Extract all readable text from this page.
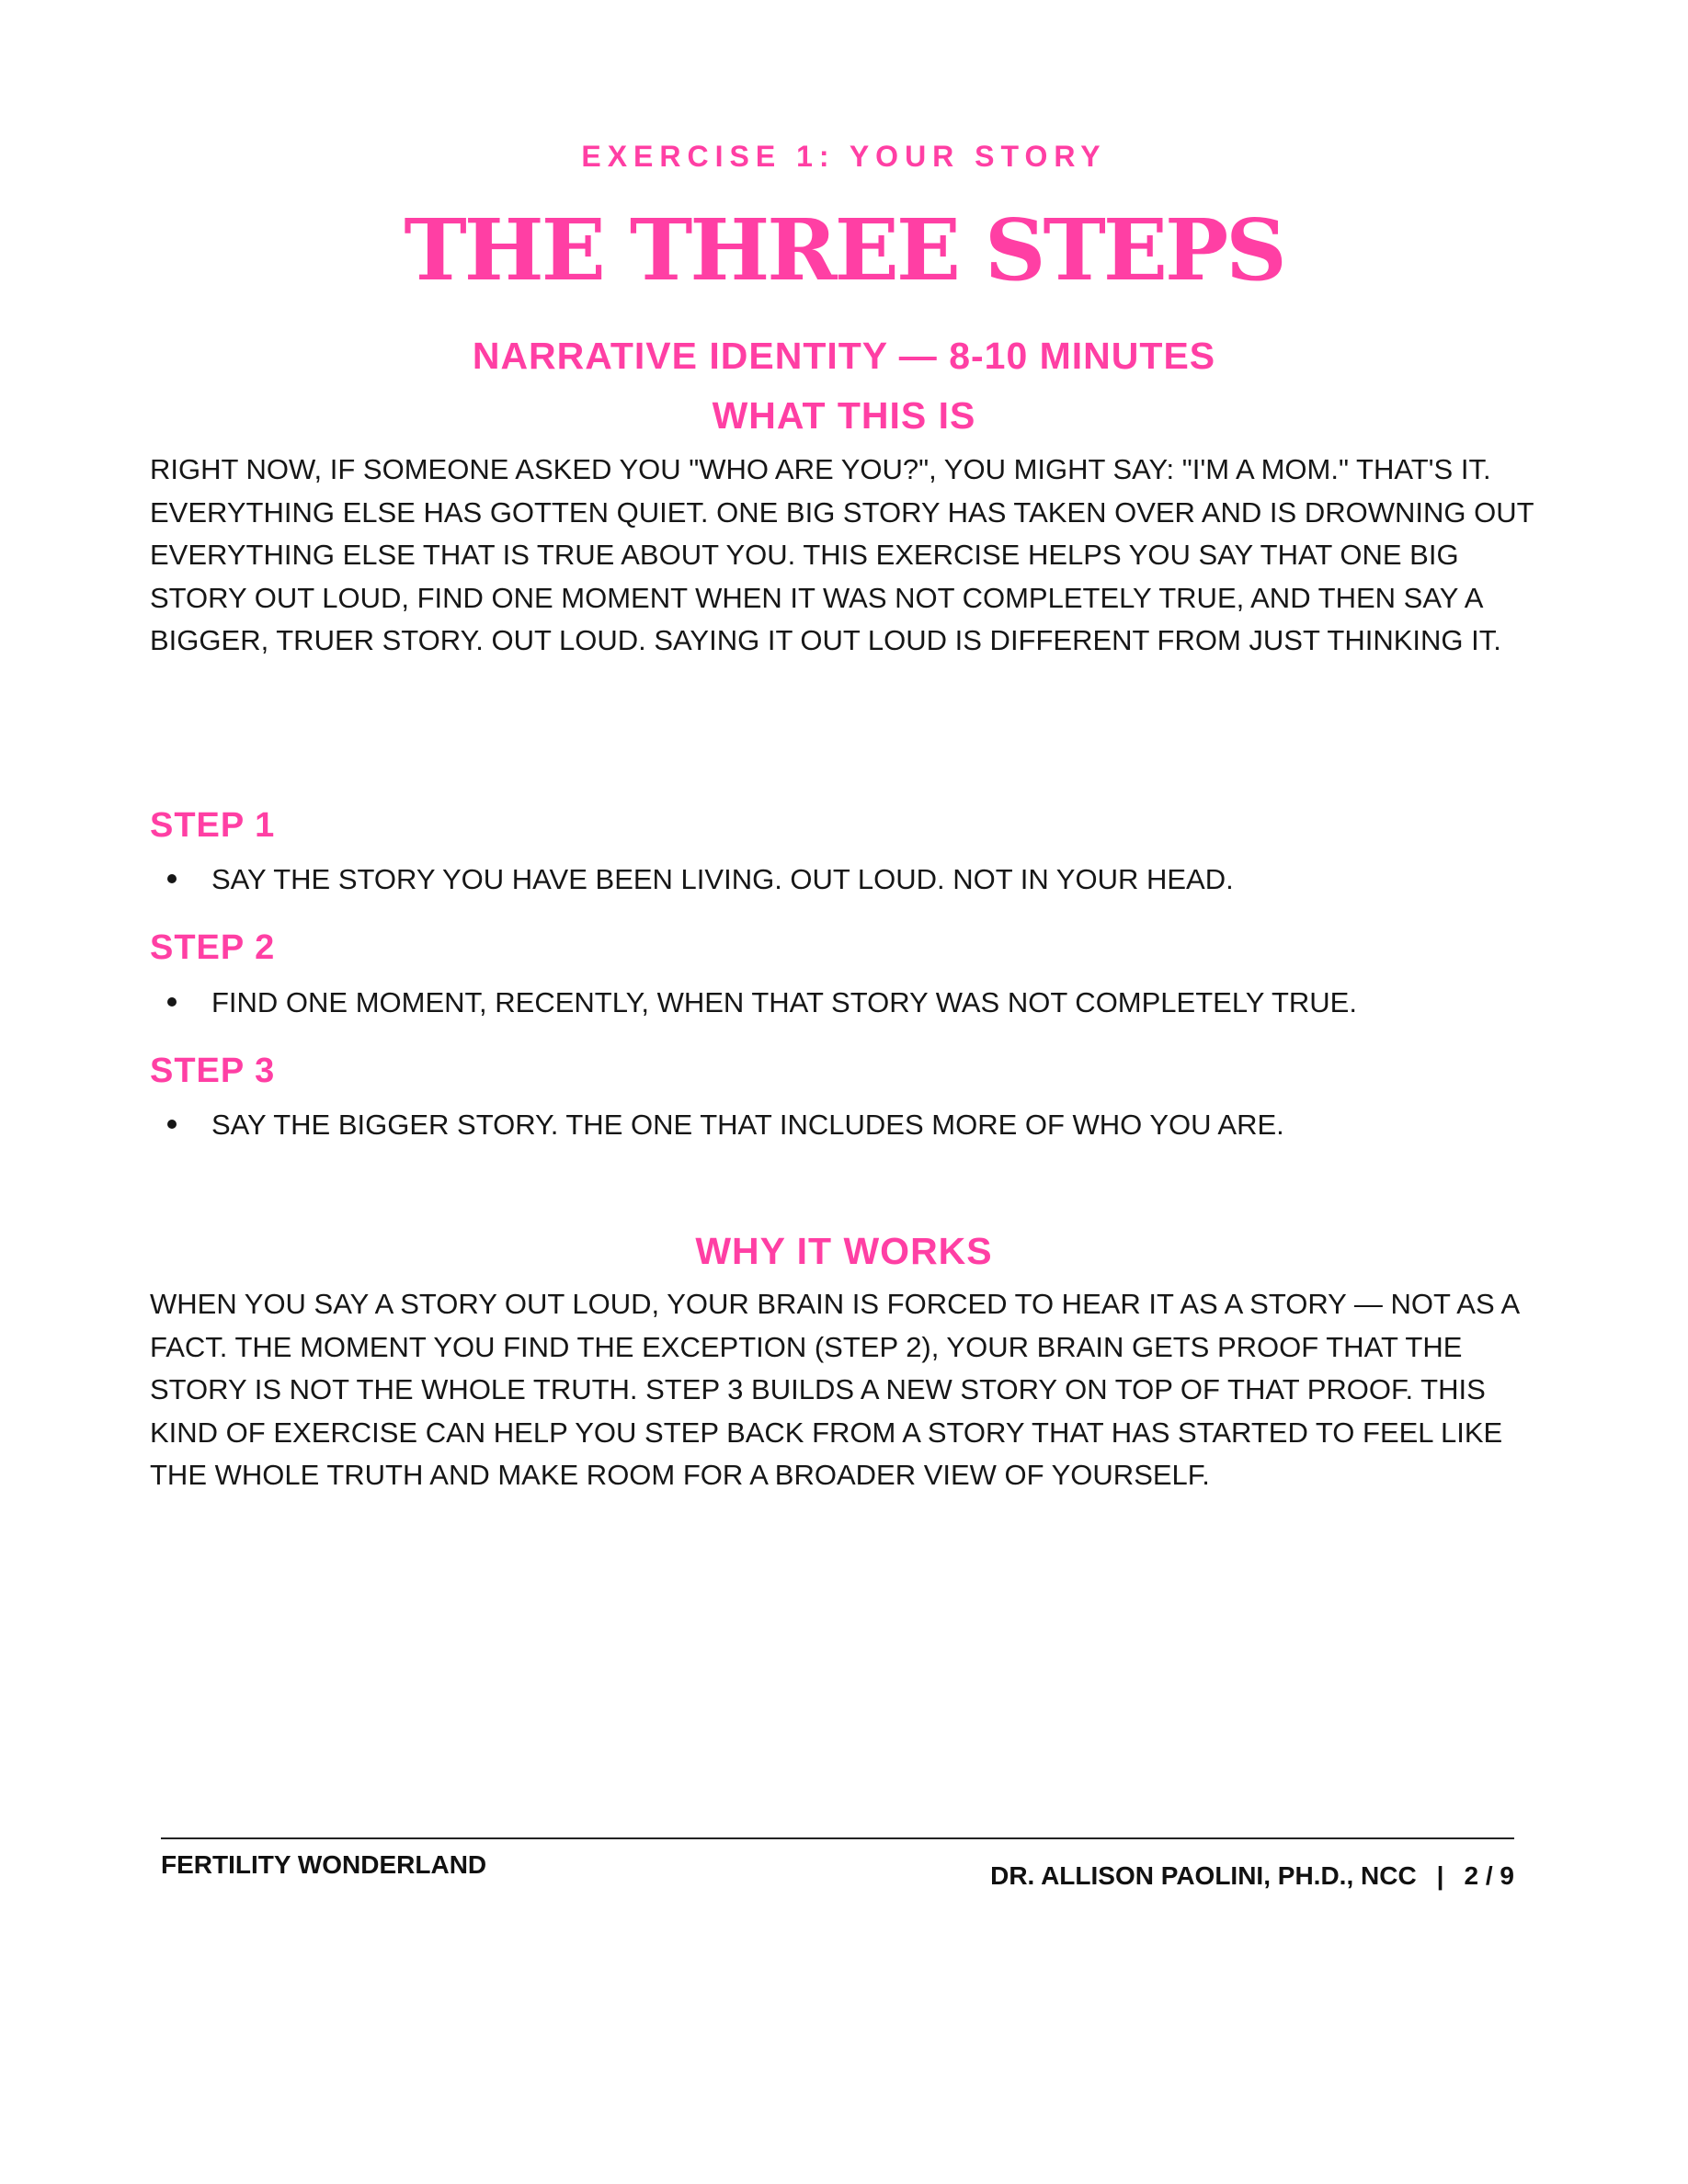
EXERCISE 1: YOUR STORY
THE THREE STEPS
NARRATIVE IDENTITY — 8-10 MINUTES
WHAT THIS IS
RIGHT NOW, IF SOMEONE ASKED YOU "WHO ARE YOU?", YOU MIGHT SAY: "I'M A MOM." THAT'S IT. EVERYTHING ELSE HAS GOTTEN QUIET. ONE BIG STORY HAS TAKEN OVER AND IS DROWNING OUT EVERYTHING ELSE THAT IS TRUE ABOUT YOU. THIS EXERCISE HELPS YOU SAY THAT ONE BIG STORY OUT LOUD, FIND ONE MOMENT WHEN IT WAS NOT COMPLETELY TRUE, AND THEN SAY A BIGGER, TRUER STORY. OUT LOUD. SAYING IT OUT LOUD IS DIFFERENT FROM JUST THINKING IT.
STEP 1
SAY THE STORY YOU HAVE BEEN LIVING. OUT LOUD. NOT IN YOUR HEAD.
STEP 2
FIND ONE MOMENT, RECENTLY, WHEN THAT STORY WAS NOT COMPLETELY TRUE.
STEP 3
SAY THE BIGGER STORY. THE ONE THAT INCLUDES MORE OF WHO YOU ARE.
WHY IT WORKS
WHEN YOU SAY A STORY OUT LOUD, YOUR BRAIN IS FORCED TO HEAR IT AS A STORY — NOT AS A FACT. THE MOMENT YOU FIND THE EXCEPTION (STEP 2), YOUR BRAIN GETS PROOF THAT THE STORY IS NOT THE WHOLE TRUTH. STEP 3 BUILDS A NEW STORY ON TOP OF THAT PROOF. THIS KIND OF EXERCISE CAN HELP YOU STEP BACK FROM A STORY THAT HAS STARTED TO FEEL LIKE THE WHOLE TRUTH AND MAKE ROOM FOR A BROADER VIEW OF YOURSELF.
FERTILITY WONDERLAND	DR. ALLISON PAOLINI, PH.D., NCC | 2 / 9
